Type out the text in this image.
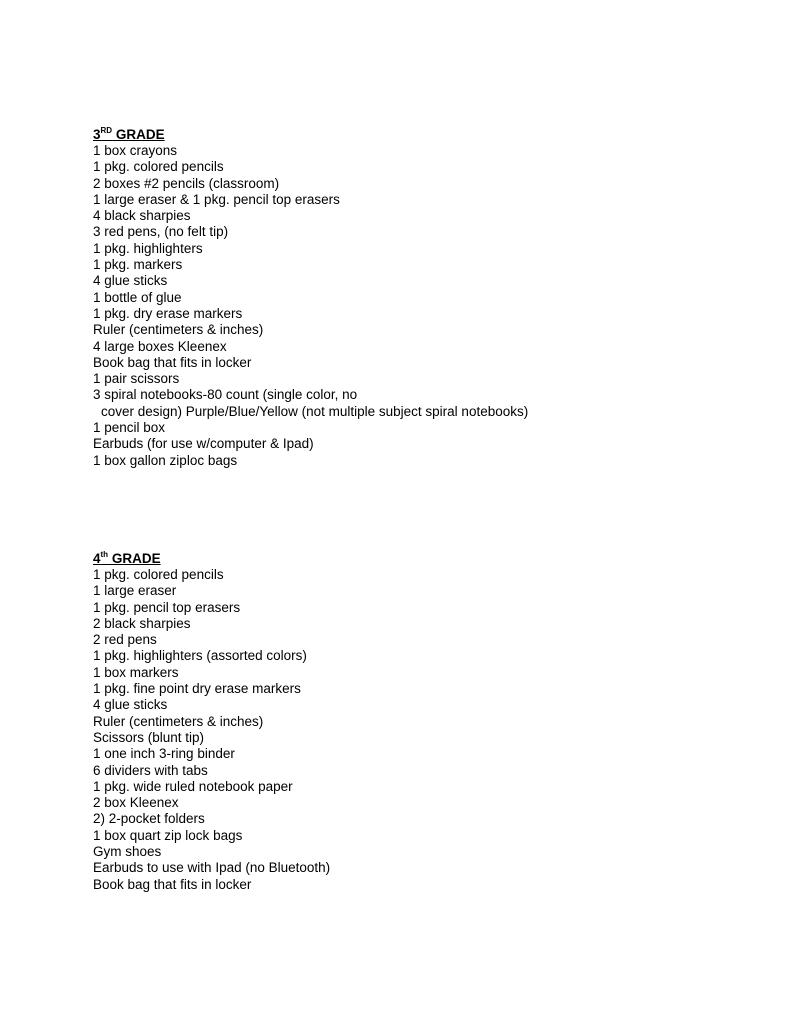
3RD GRADE
1 box crayons
1 pkg. colored pencils
2 boxes #2 pencils (classroom)
1 large eraser & 1 pkg. pencil top erasers
4 black sharpies
3 red pens, (no felt tip)
1 pkg. highlighters
1 pkg. markers
4 glue sticks
1 bottle of glue
1 pkg. dry erase markers
Ruler (centimeters & inches)
4 large boxes Kleenex
Book bag that fits in locker
1 pair scissors
3 spiral notebooks-80 count (single color, no
cover design) Purple/Blue/Yellow (not multiple subject spiral notebooks)
1 pencil box
Earbuds (for use w/computer & Ipad)
1 box gallon ziploc bags
4th GRADE
1 pkg. colored pencils
1 large eraser
1 pkg. pencil top erasers
2 black sharpies
2 red pens
1 pkg. highlighters (assorted colors)
1 box markers
1 pkg. fine point dry erase markers
4 glue sticks
Ruler (centimeters & inches)
Scissors (blunt tip)
1 one inch 3-ring binder
6 dividers with tabs
1 pkg. wide ruled notebook paper
2 box Kleenex
2) 2-pocket folders
1 box quart zip lock bags
Gym shoes
Earbuds to use with Ipad (no Bluetooth)
Book bag that fits in locker
